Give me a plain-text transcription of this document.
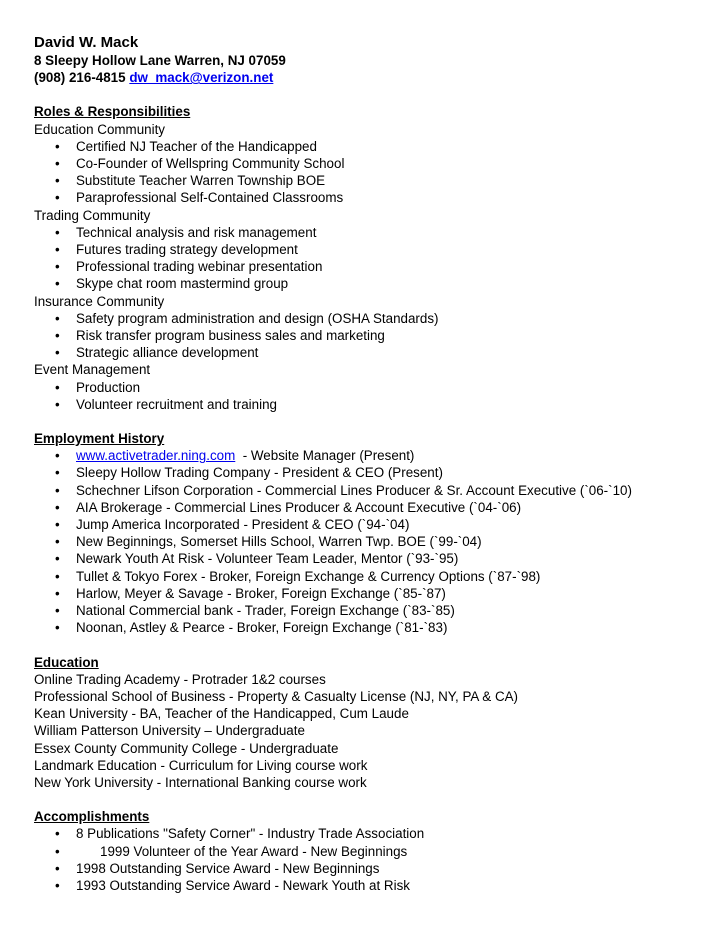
David W. Mack
8 Sleepy Hollow Lane Warren, NJ 07059
(908) 216-4815 dw_mack@verizon.net
Roles & Responsibilities
Education Community
• Certified NJ Teacher of the Handicapped
• Co-Founder of Wellspring Community School
• Substitute Teacher Warren Township BOE
• Paraprofessional Self-Contained Classrooms
Trading Community
• Technical analysis and risk management
• Futures trading strategy development
• Professional trading webinar presentation
• Skype chat room mastermind group
Insurance Community
• Safety program administration and design (OSHA Standards)
• Risk transfer program business sales and marketing
• Strategic alliance development
Event Management
• Production
• Volunteer recruitment and training
Employment History
• www.activetrader.ning.com  - Website Manager (Present)
• Sleepy Hollow Trading Company - President & CEO (Present)
• Schechner Lifson Corporation - Commercial Lines Producer & Sr. Account Executive (`06-`10)
• AIA Brokerage - Commercial Lines Producer & Account Executive (`04-`06)
• Jump America Incorporated - President & CEO (`94-`04)
• New Beginnings, Somerset Hills School, Warren Twp. BOE (`99-`04)
• Newark Youth At Risk - Volunteer Team Leader, Mentor (`93-`95)
• Tullet & Tokyo Forex - Broker, Foreign Exchange & Currency Options (`87-`98)
• Harlow, Meyer & Savage - Broker, Foreign Exchange (`85-`87)
• National Commercial bank - Trader, Foreign Exchange (`83-`85)
• Noonan, Astley & Pearce - Broker, Foreign Exchange (`81-`83)
Education
Online Trading Academy - Protrader 1&2 courses
Professional School of Business - Property & Casualty License (NJ, NY, PA & CA)
Kean University - BA, Teacher of the Handicapped, Cum Laude
William Patterson University – Undergraduate
Essex County Community College - Undergraduate
Landmark Education - Curriculum for Living course work
New York University - International Banking course work
Accomplishments
• 8 Publications "Safety Corner" - Industry Trade Association
• 1999 Volunteer of the Year Award - New Beginnings
• 1998 Outstanding Service Award - New Beginnings
• 1993 Outstanding Service Award - Newark Youth at Risk
